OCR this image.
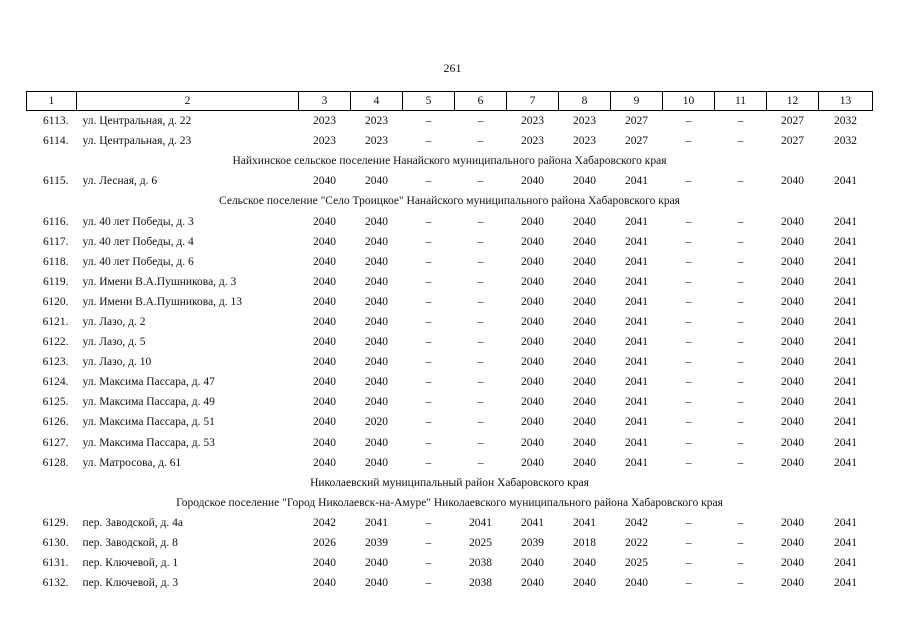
261
1	2	3	4	5	6	7	8	9	10	11	12	13
6113.	ул. Центральная, д. 22	2023	2023	–	–	2023	2023	2027	–	–	2027	2032
6114.	ул. Центральная, д. 23	2023	2023	–	–	2023	2023	2027	–	–	2027	2032
Найхинское сельское поселение Нанайского муниципального района Хабаровского края												
6115.	ул. Лесная, д. 6	2040	2040	–	–	2040	2040	2041	–	–	2040	2041
Сельское поселение "Село Троицкое" Нанайского муниципального района Хабаровского края												
6116.	ул. 40 лет Победы, д. 3	2040	2040	–	–	2040	2040	2041	–	–	2040	2041
6117.	ул. 40 лет Победы, д. 4	2040	2040	–	–	2040	2040	2041	–	–	2040	2041
6118.	ул. 40 лет Победы, д. 6	2040	2040	–	–	2040	2040	2041	–	–	2040	2041
6119.	ул. Имени В.А.Пушникова, д. 3	2040	2040	–	–	2040	2040	2041	–	–	2040	2041
6120.	ул. Имени В.А.Пушникова, д. 13	2040	2040	–	–	2040	2040	2041	–	–	2040	2041
6121.	ул. Лазо, д. 2	2040	2040	–	–	2040	2040	2041	–	–	2040	2041
6122.	ул. Лазо, д. 5	2040	2040	–	–	2040	2040	2041	–	–	2040	2041
6123.	ул. Лазо, д. 10	2040	2040	–	–	2040	2040	2041	–	–	2040	2041
6124.	ул. Максима Пассара, д. 47	2040	2040	–	–	2040	2040	2041	–	–	2040	2041
6125.	ул. Максима Пассара, д. 49	2040	2040	–	–	2040	2040	2041	–	–	2040	2041
6126.	ул. Максима Пассара, д. 51	2040	2020	–	–	2040	2040	2041	–	–	2040	2041
6127.	ул. Максима Пассара, д. 53	2040	2040	–	–	2040	2040	2041	–	–	2040	2041
6128.	ул. Матросова, д. 61	2040	2040	–	–	2040	2040	2041	–	–	2040	2041
Николаевский муниципальный район Хабаровского края												
Городское поселение "Город Николаевск-на-Амуре" Николаевского муниципального района Хабаровского края												
6129.	пер. Заводской, д. 4а	2042	2041	–	2041	2041	2041	2042	–	–	2040	2041
6130.	пер. Заводской, д. 8	2026	2039	–	2025	2039	2018	2022	–	–	2040	2041
6131.	пер. Ключевой, д. 1	2040	2040	–	2038	2040	2040	2025	–	–	2040	2041
6132.	пер. Ключевой, д. 3	2040	2040	–	2038	2040	2040	2040	–	–	2040	2041
